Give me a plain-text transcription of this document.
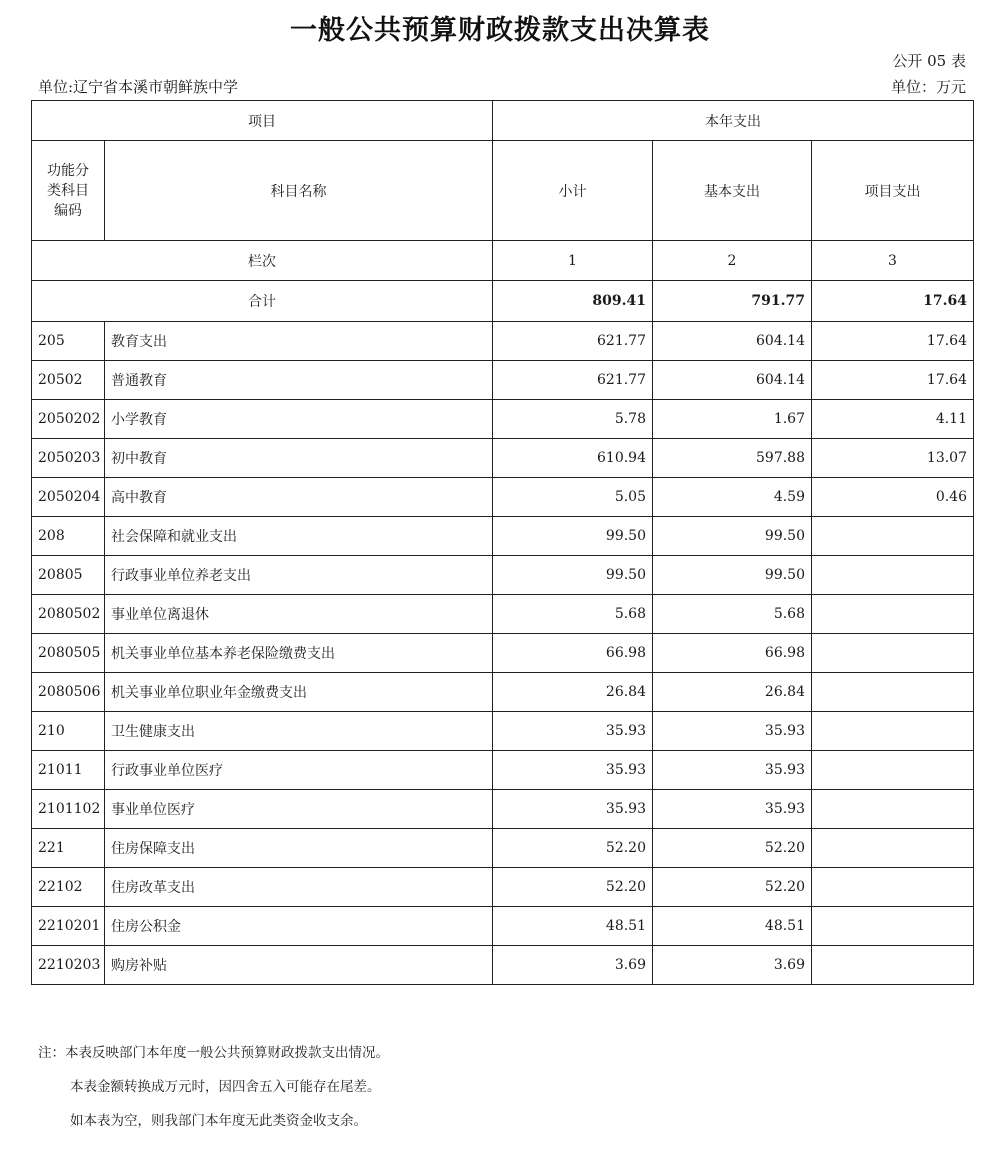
一般公共预算财政拨款支出决算表
公开 05 表
单位:辽宁省本溪市朝鲜族中学	单位：万元
项目		本年支出		

功能分类科目编码	科目名称	小计	基本支出	项目支出
栏次		1	2	3
合计		809.41	791.77	17.64
205	教育支出	621.77	604.14	17.64
20502	普通教育	621.77	604.14	17.64
2050202	小学教育	5.78	1.67	4.11
2050203	初中教育	610.94	597.88	13.07
2050204	高中教育	5.05	4.59	0.46
208	社会保障和就业支出	99.50	99.50	
20805	行政事业单位养老支出	99.50	99.50	
2080502	事业单位离退休	5.68	5.68	
2080505	机关事业单位基本养老保险缴费支出	66.98	66.98	
2080506	机关事业单位职业年金缴费支出	26.84	26.84	
210	卫生健康支出	35.93	35.93	
21011	行政事业单位医疗	35.93	35.93	
2101102	事业单位医疗	35.93	35.93	
221	住房保障支出	52.20	52.20	
22102	住房改革支出	52.20	52.20	
2210201	住房公积金	48.51	48.51	
2210203	购房补贴	3.69	3.69	
注：本表反映部门本年度一般公共预算财政拨款支出情况。
本表金额转换成万元时，因四舍五入可能存在尾差。
如本表为空，则我部门本年度无此类资金收支余。
